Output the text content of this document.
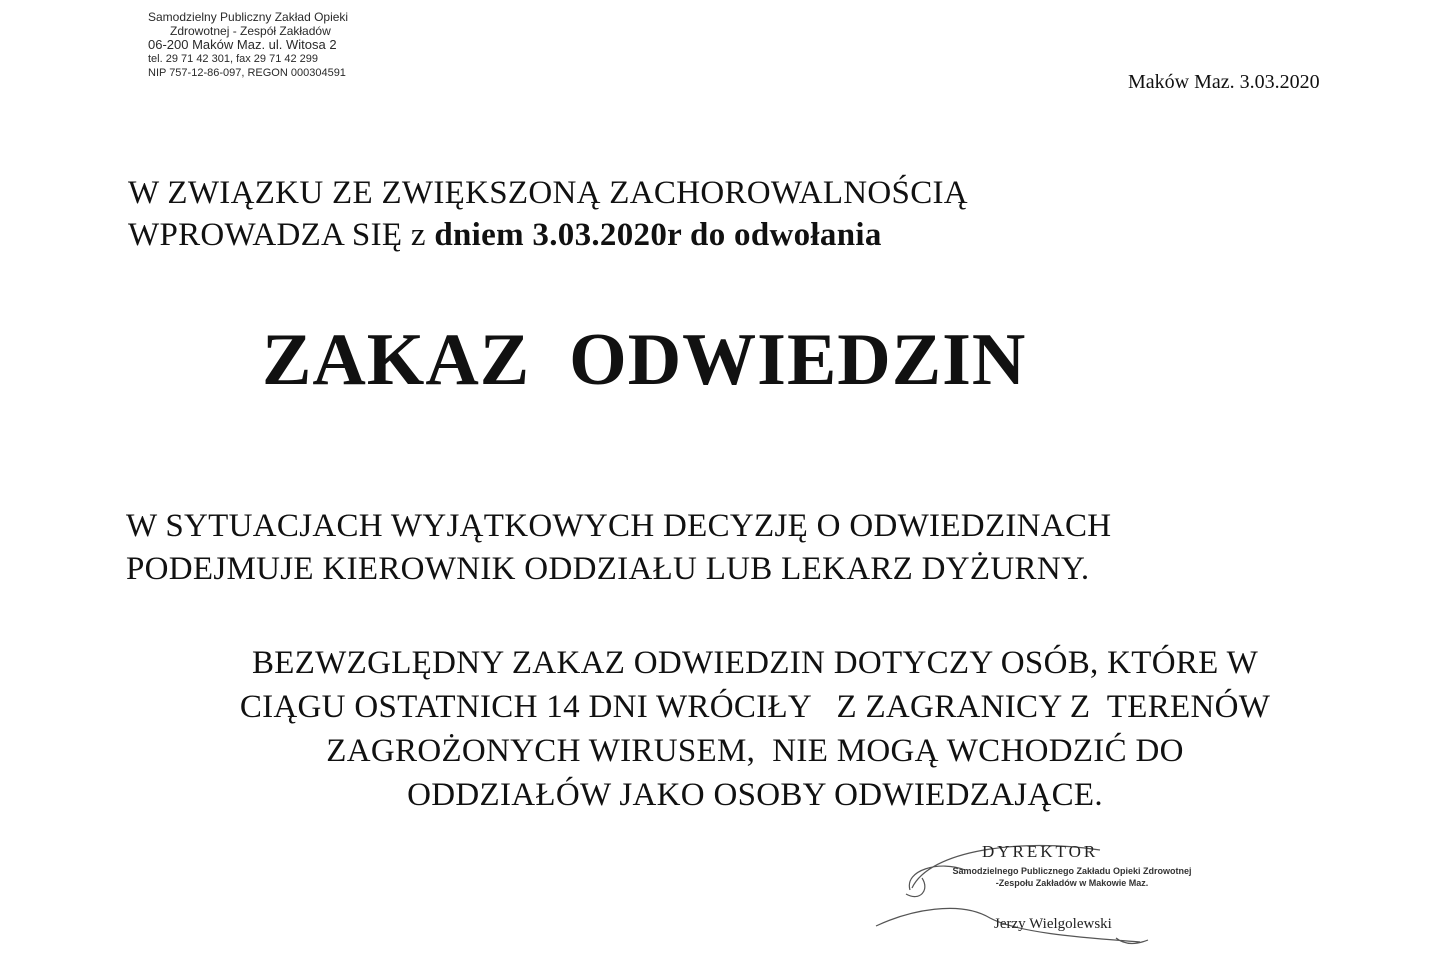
Samodzielny Publiczny Zakład Opieki
Zdrowotnej - Zespół Zakładów
06-200 Maków Maz. ul. Witosa 2
tel. 29 71 42 301, fax 29 71 42 299
NIP 757-12-86-097, REGON 000304591	Maków Maz. 3.03.2020
W ZWIĄZKU ZE ZWIĘKSZONĄ ZACHOROWALNOŚCIĄ
WPROWADZA SIĘ z dniem 3.03.2020r do odwołania
ZAKAZ  ODWIEDZIN
W SYTUACJACH WYJĄTKOWYCH DECYZJĘ O ODWIEDZINACH
PODEJMUJE KIEROWNIK ODDZIAŁU LUB LEKARZ DYŻURNY.
BEZWZGLĘDNY ZAKAZ ODWIEDZIN DOTYCZY OSÓB, KTÓRE W
CIĄGU OSTATNICH 14 DNI WRÓCIŁY   Z ZAGRANICY Z  TERENÓW
ZAGROŻONYCH WIRUSEM,  NIE MOGĄ WCHODZIĆ DO
ODDZIAŁÓW JAKO OSOBY ODWIEDZAJĄCE.
DYREKTOR
Samodzielnego Publicznego Zakładu Opieki Zdrowotnej
-Zespołu Zakładów w Makowie Maz.
Jerzy Wielgolewski
